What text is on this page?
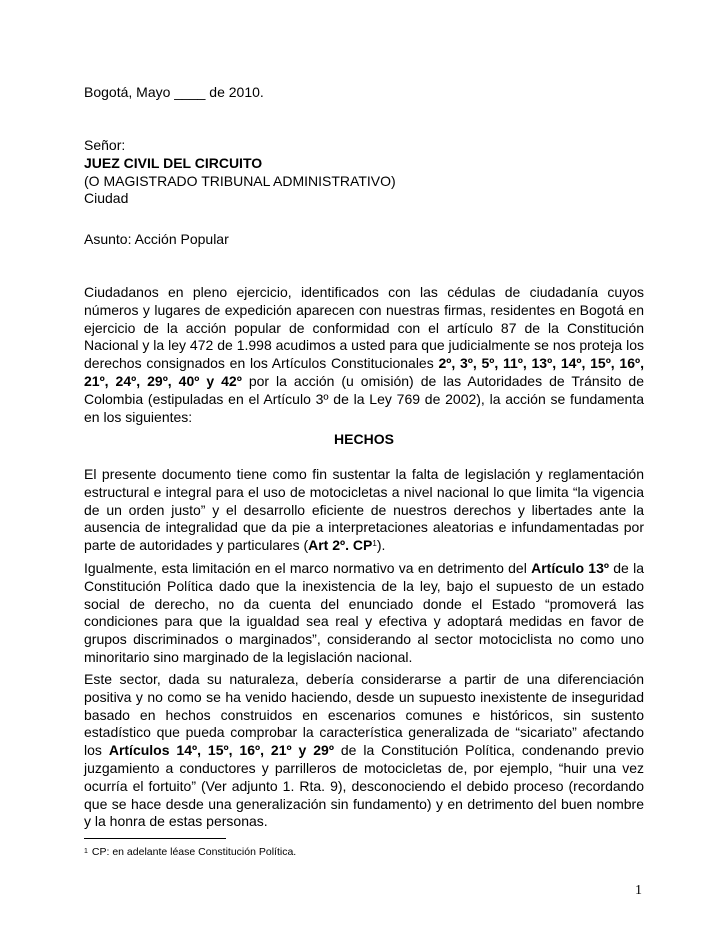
Bogotá, Mayo ____ de 2010.

Señor:
JUEZ CIVIL DEL CIRCUITO
(O MAGISTRADO TRIBUNAL ADMINISTRATIVO)
Ciudad

Asunto: Acción Popular

Ciudadanos en pleno ejercicio, identificados con las cédulas de ciudadanía cuyos números y lugares de expedición aparecen con nuestras firmas, residentes en Bogotá en ejercicio de la acción popular de conformidad con el artículo 87 de la Constitución Nacional y la ley 472 de 1.998 acudimos a usted para que judicialmente se nos proteja los derechos consignados en los Artículos Constitucionales 2º, 3º, 5º, 11º, 13º, 14º, 15º, 16º, 21º, 24º, 29º, 40º y 42º por la acción (u omisión) de las Autoridades de Tránsito de Colombia (estipuladas en el Artículo 3º de la Ley 769 de 2002), la acción se fundamenta en los siguientes:

HECHOS

El presente documento tiene como fin sustentar la falta de legislación y reglamentación estructural e integral para el uso de motocicletas a nivel nacional lo que limita “la vigencia de un orden justo” y el desarrollo eficiente de nuestros derechos y libertades ante la ausencia de integralidad que da pie a interpretaciones aleatorias e infundamentadas por parte de autoridades y particulares (Art 2º. CP$^1$).

Igualmente, esta limitación en el marco normativo va en detrimento del Artículo 13º de la Constitución Política dado que la inexistencia de la ley, bajo el supuesto de un estado social de derecho, no da cuenta del enunciado donde el Estado “promoverá las condiciones para que la igualdad sea real y efectiva y adoptará medidas en favor de grupos discriminados o marginados”, considerando al sector motociclista no como uno minoritario sino marginado de la legislación nacional.

Este sector, dada su naturaleza, debería considerarse a partir de una diferenciación positiva y no como se ha venido haciendo, desde un supuesto inexistente de inseguridad basado en hechos construidos en escenarios comunes e históricos, sin sustento estadístico que pueda comprobar la característica generalizada de “sicariato” afectando los Artículos 14º, 15º, 16º, 21º y 29º de la Constitución Política, condenando previo juzgamiento a conductores y parrilleros de motocicletas de, por ejemplo, “huir una vez ocurría el fortuito” (Ver adjunto 1. Rta. 9), desconociendo el debido proceso (recordando que se hace desde una generalización sin fundamento) y en detrimento del buen nombre y la honra de estas personas.

$^1$ CP: en adelante léase Constitución Política.
1
